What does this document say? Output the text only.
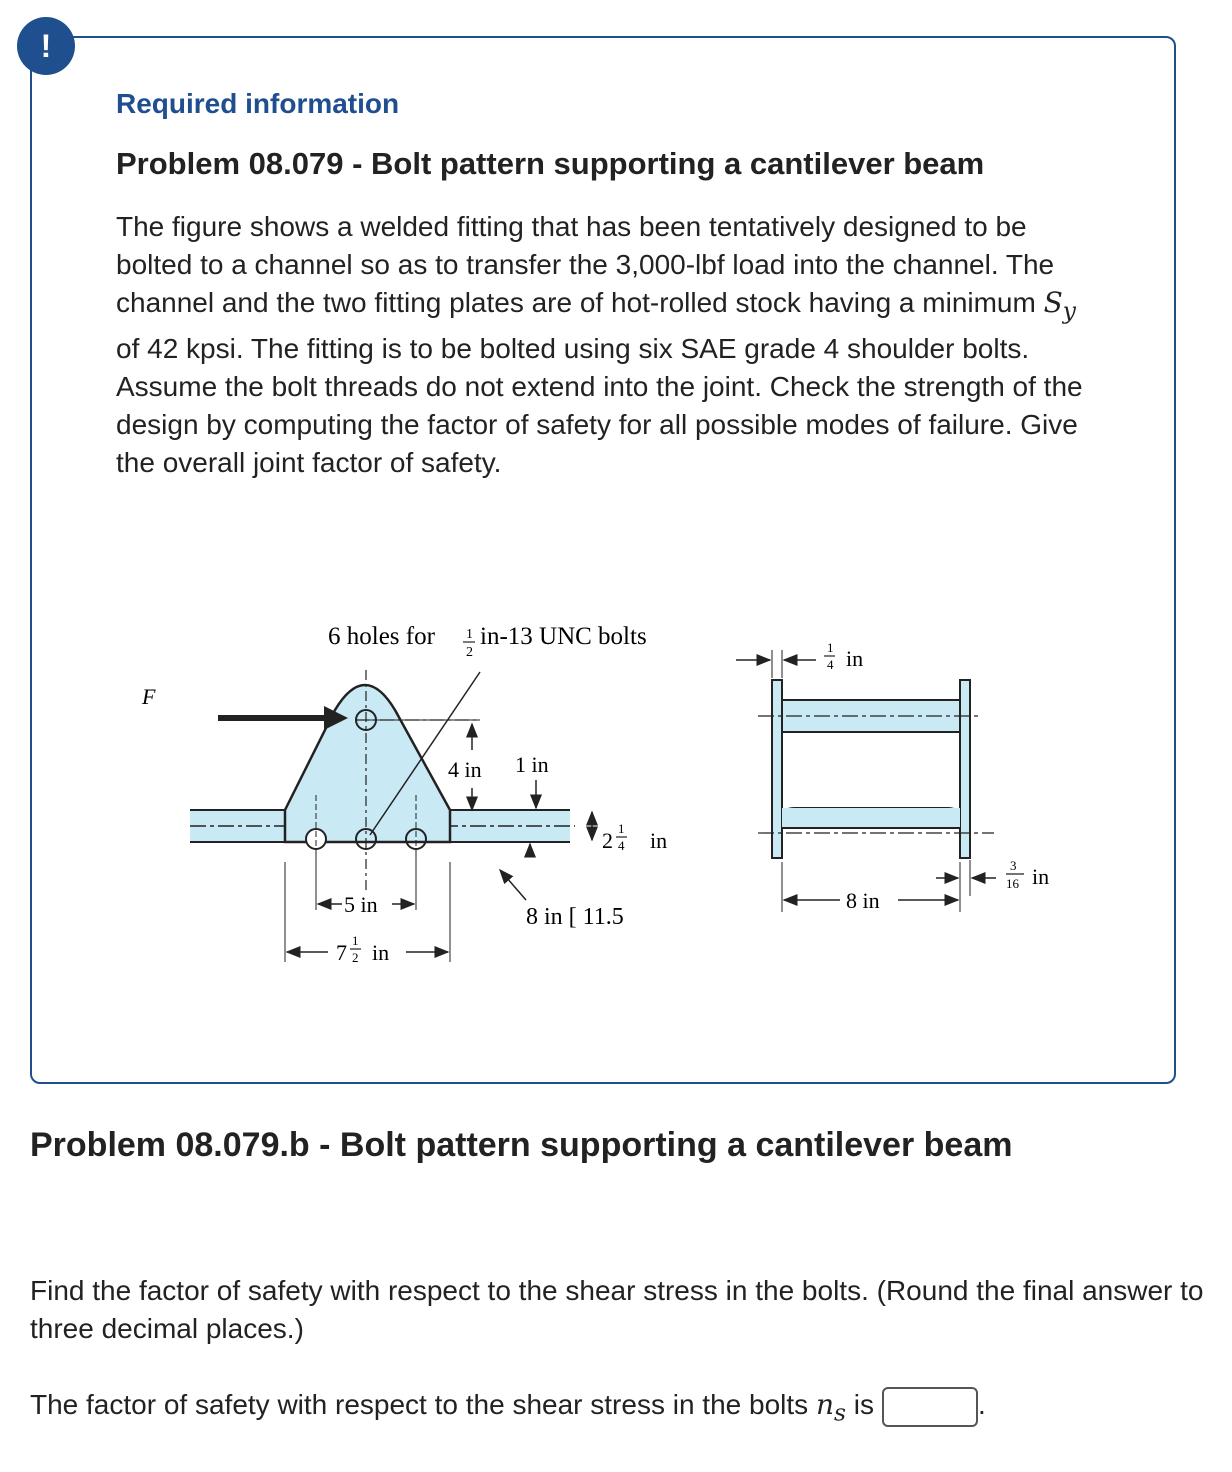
!
Required information
Problem 08.079 - Bolt pattern supporting a cantilever beam
The figure shows a welded fitting that has been tentatively designed to be bolted to a channel so as to transfer the 3,000-lbf load into the channel. The channel and the two fitting plates are of hot-rolled stock having a minimum $S_y$ of 42 kpsi. The fitting is to be bolted using six SAE grade 4 shoulder bolts. Assume the bolt threads do not extend into the joint. Check the strength of the design by computing the factor of safety for all possible modes of failure. Give the overall joint factor of safety.
F
6 holes for 1
2
in-13 UNC bolts
4 in 1 in
2 1
4 in
5 in
7 1
2 in
8 in [ 11.5
1
4 in
8 in
3
16 in
Problem 08.079.b - Bolt pattern supporting a cantilever beam
Find the factor of safety with respect to the shear stress in the bolts. (Round the final answer to three decimal places.)
The factor of safety with respect to the shear stress in the bolts $n_s$ is	.
